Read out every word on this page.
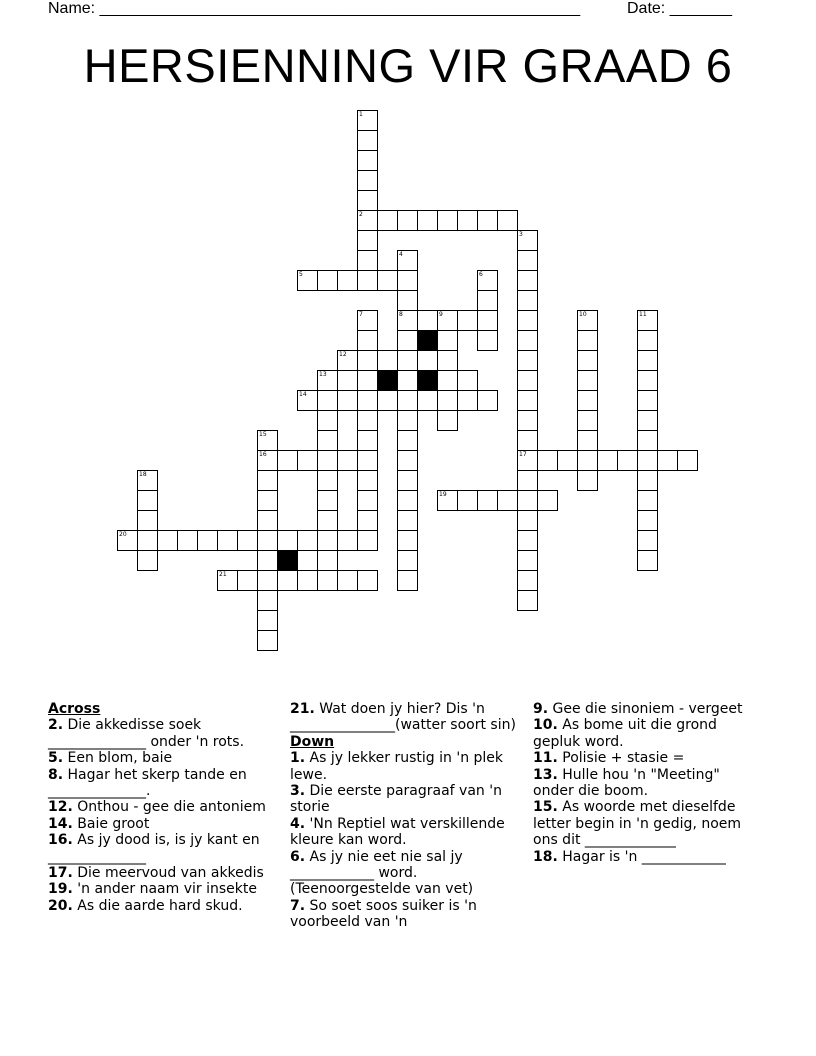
Name: ______________________________________________________	Date: _______
HERSIENNING VIR GRAAD 6
1
2
3
17
4
5	6
7	8	9	10	11
12
13
14
15
16
18
19
20
21
Across
2. Die akkedisse soek ______________ onder 'n rots.
5. Een blom, baie
8. Hagar het skerp tande en ______________.
12. Onthou - gee die antoniem
14. Baie groot
16. As jy dood is, is jy kant en ______________
17. Die meervoud van akkedis
19. 'n ander naam vir insekte
20. As die aarde hard skud.
21. Wat doen jy hier? Dis 'n _______________(watter soort sin)
Down
1. As jy lekker rustig in 'n plek lewe.
3. Die eerste paragraaf van 'n storie
4. 'Nn Reptiel wat verskillende kleure kan word.
6. As jy nie eet nie sal jy ____________ word. (Teenoorgestelde van vet)
7. So soet soos suiker is 'n voorbeeld van 'n
9. Gee die sinoniem - vergeet
10. As bome uit die grond gepluk word.
11. Polisie + stasie =
13. Hulle hou 'n "Meeting" onder die boom.
15. As woorde met dieselfde letter begin in 'n gedig, noem ons dit _____________
18. Hagar is 'n ____________
